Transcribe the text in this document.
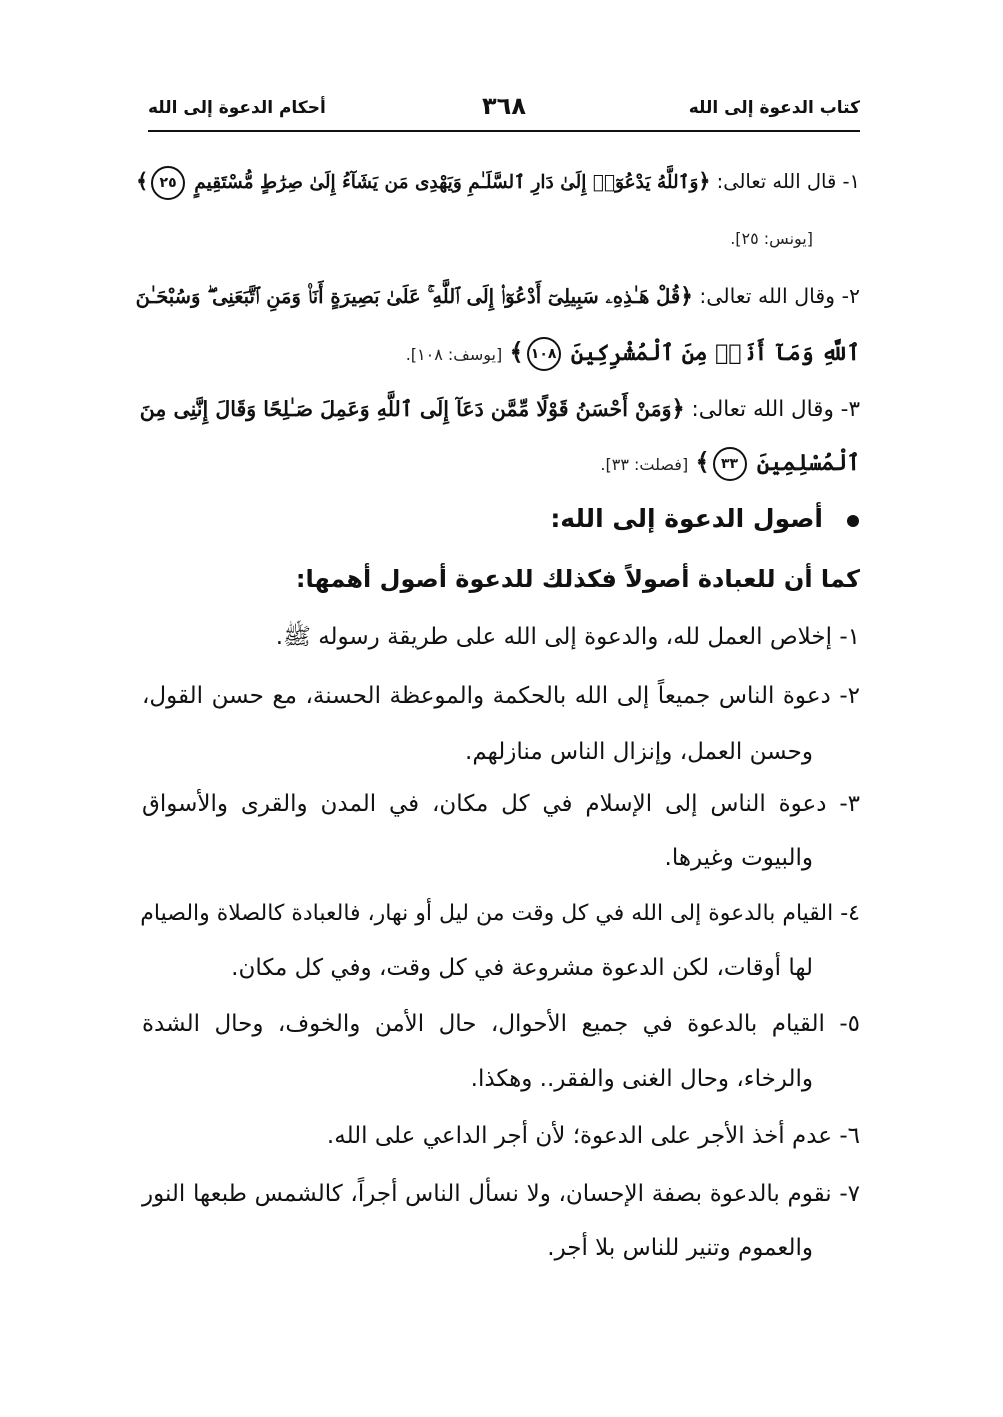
كتاب الدعوة إلى الله
٣٦٨
أحكام الدعوة إلى الله
١- قال الله تعالى: ﴿وَٱللَّهُ يَدْعُوٓا۟ إِلَىٰ دَارِ ٱلسَّلَـٰمِ وَيَهْدِى مَن يَشَآءُ إِلَىٰ صِرَٰطٍ مُّسْتَقِيمٍ ٢٥﴾
[يونس: ٢٥].
٢- وقال الله تعالى: ﴿قُلْ هَـٰذِهِۦ سَبِيلِىٓ أَدْعُوٓا۟ إِلَى ٱللَّهِ ۚ عَلَىٰ بَصِيرَةٍ أَنَا۠ وَمَنِ ٱتَّبَعَنِى ۖ وَسُبْحَـٰنَ
ٱللَّهِ وَمَآ أَنَا۠ مِنَ ٱلْمُشْرِكِينَ ١٠٨﴾ [يوسف: ١٠٨].
٣- وقال الله تعالى: ﴿وَمَنْ أَحْسَنُ قَوْلًا مِّمَّن دَعَآ إِلَى ٱللَّهِ وَعَمِلَ صَـٰلِحًا وَقَالَ إِنَّنِى مِنَ
ٱلْمُسْلِمِينَ ٣٣﴾ [فصلت: ٣٣].
أصول الدعوة إلى الله:
كما أن للعبادة أصولاً فكذلك للدعوة أصول أهمها:
١- إخلاص العمل لله، والدعوة إلى الله على طريقة رسوله ﷺ.
٢- دعوة الناس جميعاً إلى الله بالحكمة والموعظة الحسنة، مع حسن القول،
وحسن العمل، وإنزال الناس منازلهم.
٣- دعوة الناس إلى الإسلام في كل مكان، في المدن والقرى والأسواق
والبيوت وغيرها.
٤- القيام بالدعوة إلى الله في كل وقت من ليل أو نهار، فالعبادة كالصلاة والصيام
لها أوقات، لكن الدعوة مشروعة في كل وقت، وفي كل مكان.
٥- القيام بالدعوة في جميع الأحوال، حال الأمن والخوف، وحال الشدة
والرخاء، وحال الغنى والفقر.. وهكذا.
٦- عدم أخذ الأجر على الدعوة؛ لأن أجر الداعي على الله.
٧- نقوم بالدعوة بصفة الإحسان، ولا نسأل الناس أجراً، كالشمس طبعها النور
والعموم وتنير للناس بلا أجر.
